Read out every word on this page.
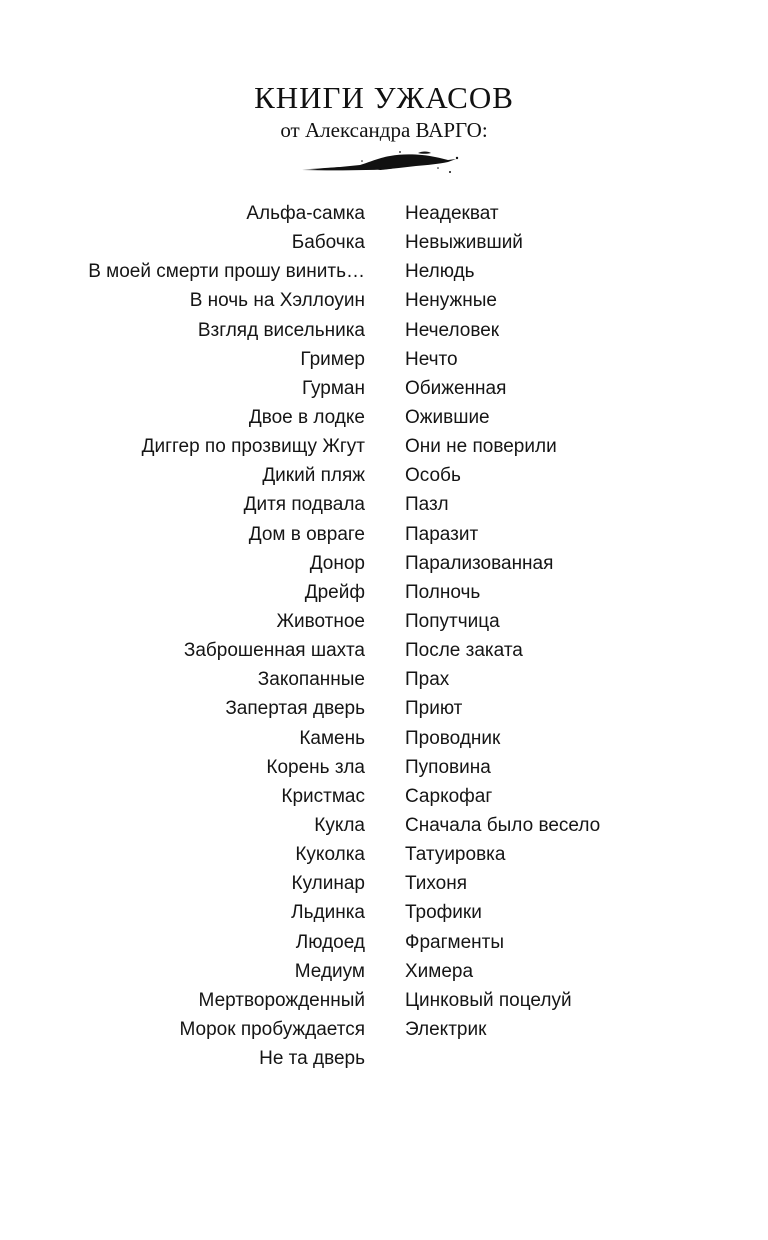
КНИГИ УЖАСОВ
от Александра ВАРГО:
Альфа-самка
Бабочка
В моей смерти прошу винить…
В ночь на Хэллоуин
Взгляд висельника
Гример
Гурман
Двое в лодке
Диггер по прозвищу Жгут
Дикий пляж
Дитя подвала
Дом в овраге
Донор
Дрейф
Животное
Заброшенная шахта
Закопанные
Запертая дверь
Камень
Корень зла
Кристмас
Кукла
Куколка
Кулинар
Льдинка
Людоед
Медиум
Мертворожденный
Морок пробуждается
Не та дверь
Неадекват
Невыживший
Нелюдь
Ненужные
Нечеловек
Нечто
Обиженная
Ожившие
Они не поверили
Особь
Пазл
Паразит
Парализованная
Полночь
Попутчица
После заката
Прах
Приют
Проводник
Пуповина
Саркофаг
Сначала было весело
Татуировка
Тихоня
Трофики
Фрагменты
Химера
Цинковый поцелуй
Электрик
